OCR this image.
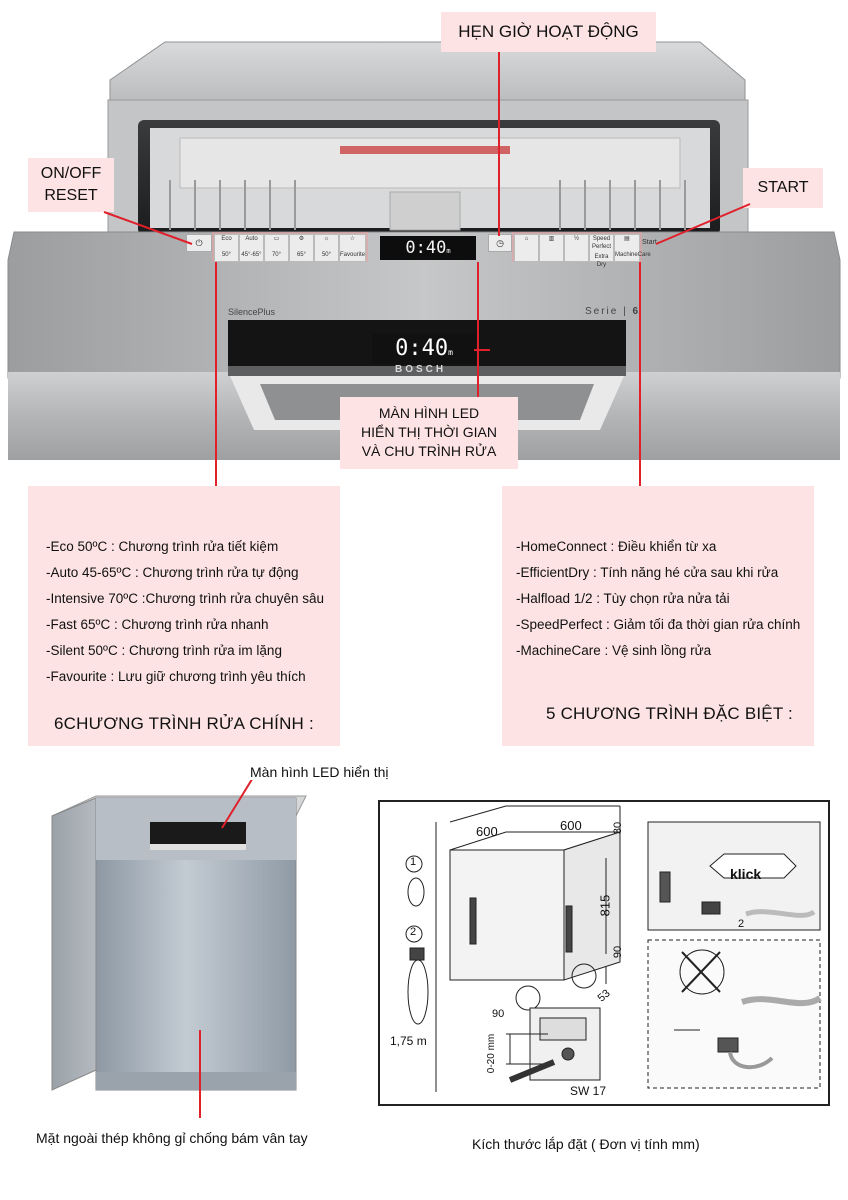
0:40m
0:40m
SilencePlus	Serie | 6
BOSCH
⏻	Eco
50°
Auto
45°-65°
▭
70°
⚙
65°
☼
50°
☆
Favourite
◷	⌂	▥	½	Speed Perfect
Extra Dry
▤
MachineCare
Start
HẸN GIỜ HOẠT ĐỘNG
ON/OFF
RESET	START
MÀN HÌNH LED
HIỂN THỊ THỜI GIAN
VÀ CHU TRÌNH RỬA
-Eco 50ºC : Chương trình rửa tiết kiệm
-Auto 45-65ºC : Chương trình rửa tự động
-Intensive 70ºC :Chương trình rửa chuyên sâu
-Fast 65ºC : Chương trình rửa nhanh
-Silent 50ºC : Chương trình rửa im lặng
-Favourite : Lưu giữ chương trình yêu thích
6CHƯƠNG TRÌNH RỬA CHÍNH :
-HomeConnect : Điều khiển từ xa
-EfficientDry : Tính năng hé cửa sau khi rửa
-Halfload 1/2 : Tùy chọn rửa nửa tải
-SpeedPerfect : Giảm tối đa thời gian rửa chính
-MachineCare : Vệ sinh lồng rửa
5 CHƯƠNG TRÌNH ĐẶC BIỆT :
Màn hình LED hiển thị
Mặt ngoài thép không gỉ chống bám vân tay
600	600	30
815
90
90
53
0-20 mm
SW 17
1,75 m
1
2
2
klick
Kích thước lắp đặt ( Đơn vị tính mm)
